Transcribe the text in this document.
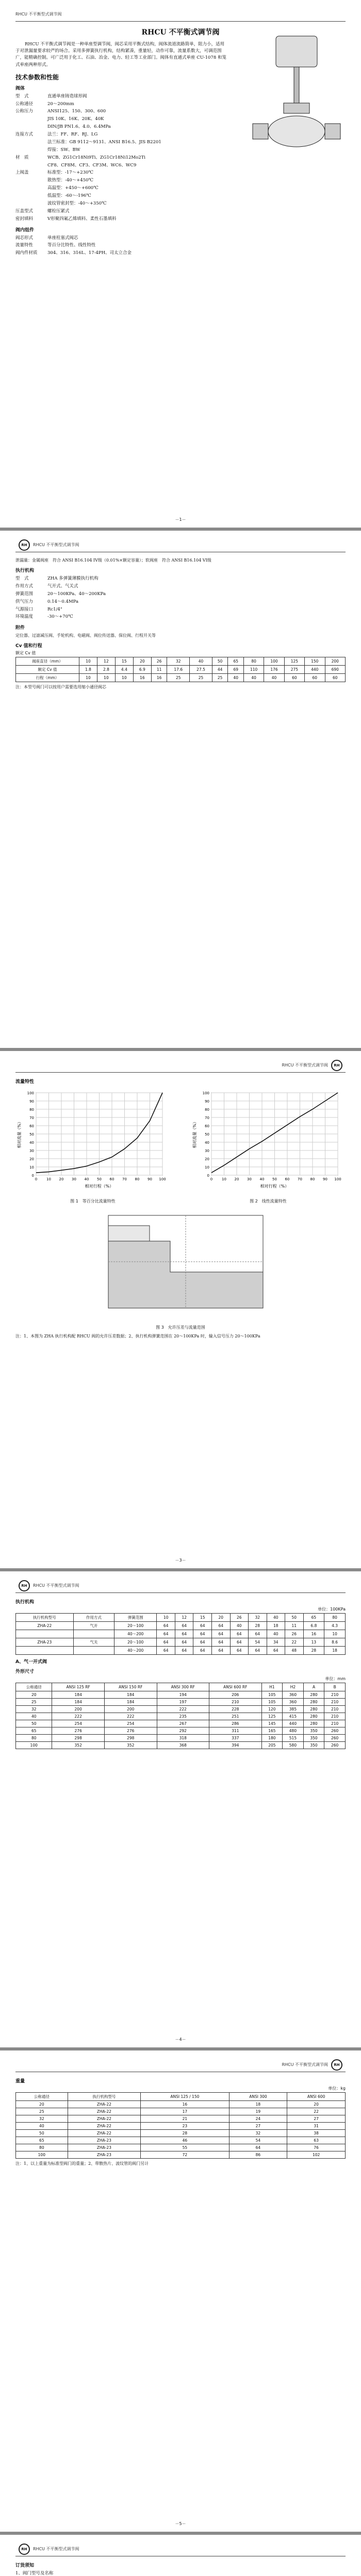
RHCU 不平衡型式调节阀
RHCU 不平衡式调节阀

RHCU 不平衡式调节阀是一种单座型调节阀，阀芯采用平衡式结构，阀体流道流路简单，阻力小，适用于对泄漏量要求较严的场合。采用多弹簧执行机构，结构紧凑，重量轻，动作可靠，流量系数大，可调范围广，能精确控制。可广泛用于化工、石油、冶金、电力、轻工等工业部门。阀体有直通式单座 CU-1078 和笼式单座两种形式。

技术参数和性能
阀体
型　式	直通单座铸造球形阀
公称通径	20～200mm
公称压力	ANSI125、150、300、600
JIS 10K、16K、20K、40K
DIN/JB PN1.6、4.0、6.4MPa
连接方式	法兰：FF、RF、RJ、LG
法兰标准：GB 9112～9131、ANSI B16.5、JIS B2201
焊接：SW、BW
材　质	WCB、ZG1Cr18Ni9Ti、ZG1Cr18Ni12Mo2Ti
CF8、CF8M、CF3、CF3M、WC6、WC9
上阀盖	标准型：-17～+230℃
散热型：-40～+450℃
高温型：+450～+600℃
低温型：-60～-196℃
波纹管密封型：-40～+350℃
压盖型式	螺栓压紧式
密封填料	V形聚四氟乙烯填料、柔性石墨填料
阀内组件
阀芯形式	单座柱塞式阀芯
流量特性	等百分比特性、线性特性
阀内件材质	304、316、316L、17-4PH、司太立合金
－1－
RH	RHCU 不平衡型式调节阀

泄漏量：金属阀座　符合 ANSI B16.104 IV级（0.01%×额定容量）；软阀座　符合 ANSI B16.104 VI级

执行机构
型　式	ZHA 多弹簧薄膜执行机构
作用方式	气开式、气关式
弹簧范围	20～100KPa、40～200KPa
供气压力	0.14～0.4MPa
气源接口	Rc1/4"
环境温度	-30～+70℃
附件

定位器、过滤减压阀、手轮机构、电磁阀、阀位传送器、保位阀、行程开关等

Cv 值和行程
额定 Cv 值
阀座直径（mm）	10	12	15	20	26	32	40	50	65	80	100	125	150	200
额定 Cv 值	1.8	2.8	4.4	6.9	11	17.6	27.5	44	69	110	176	275	440	690
行程（mm）	10	10	10	16	16	25	25	25	40	40	40	60	60	60

注：本型号阀门可以按用户需要选用缩小通径阀芯

RHCU 不平衡型式调节阀	RH
流量特性
0
0
10
10
20
20
30
30
40
40
50
50
60
60
70
70
80
80
90
90
100
100
相对行程（%）
相对流量（%）
图 1　等百分比流量特性
0
0
10
10
20
20
30
30
40
40
50
50
60
60
70
70
80
80
90
90
100
100
相对行程（%）
相对流量（%）
图 2　线性流量特性
图 3　允许压差与流量范围

注：1、本图为 ZHA 执行机构配 RHCU 阀的允许压差数据；2、执行机构弹簧范围在 20～100KPa 时，输入信号压力 20～100KPa

－3－
RH	RHCU 不平衡型式调节阀
执行机构
单位：100KPa
执行机构型号	作用方式	弹簧范围	10	12	15	20	26	32	40	50	65	80
ZHA-22	气开	20～100	64	64	64	64	40	28	18	11	6.8	4.3
		40～200	64	64	64	64	64	64	40	26	16	10
ZHA-23	气关	20～100	64	64	64	64	64	54	34	22	13	8.6
		40～200	64	64	64	64	64	64	64	48	28	18
A、气一开式阀
外形尺寸
单位：mm
公称通径	ANSI 125 RF	ANSI 150 RF	ANSI 300 RF	ANSI 600 RF	H1	H2	A	B
20	184	184	194	206	105	360	280	210
25	184	184	197	210	105	360	280	210
32	200	200	222	228	120	385	280	210
40	222	222	235	251	125	415	280	210
50	254	254	267	286	145	440	280	210
65	276	276	292	311	165	480	350	260
80	298	298	318	337	180	515	350	260
100	352	352	368	394	205	580	350	260
－4－
RHCU 不平衡型式调节阀	RH
重量
单位：kg
公称通径	执行机构型号	ANSI 125 / 150	ANSI 300	ANSI 600
20	ZHA-22	16	18	20
25	ZHA-22	17	19	22
32	ZHA-22	21	24	27
40	ZHA-22	23	27	31
50	ZHA-22	28	32	38
65	ZHA-23	46	54	63
80	ZHA-23	55	64	76
100	ZHA-23	72	86	102

注：1、以上重量为标准型阀门的重量；2、带散热片、波纹管的阀门另计

－5－
RH	RHCU 不平衡型式调节阀
订货须知
1、阀门型号及名称
